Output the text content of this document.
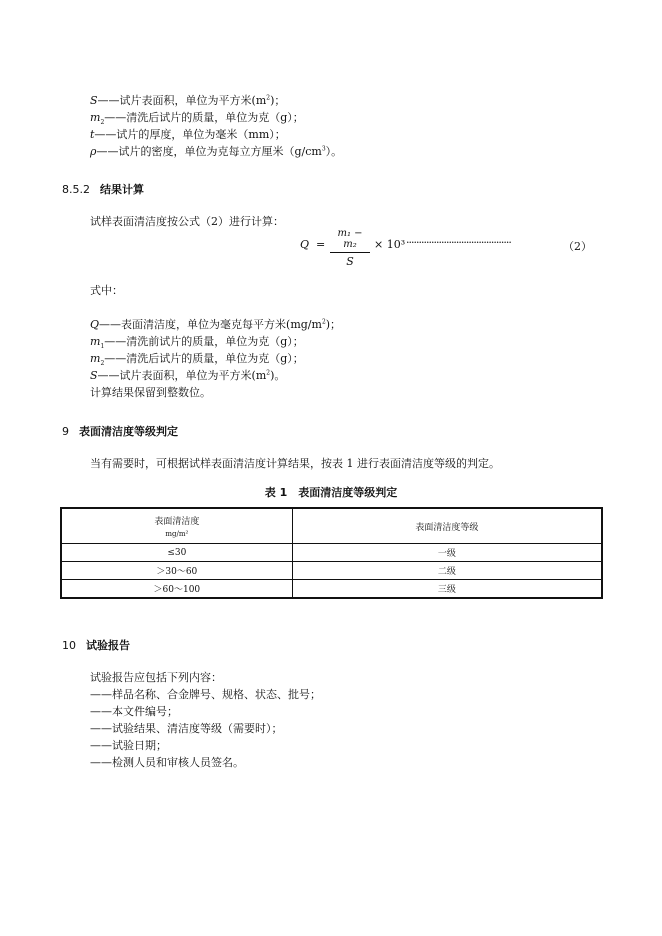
S——试片表面积，单位为平方米$(m^2)$；
$m_2——$清洗后试片的质量，单位为克（g）；
t——试片的厚度，单位为毫米（mm）；
ρ——试片的密度，单位为克每立方厘米$(g/cm^3)$。
8.5.2 结果计算
试样表面清洁度按公式（2）进行计算：
Q =
m₁ − m₂
S
× 10³ ··········································	（2）
式中：
Q——表面清洁度，单位为毫克每平方米$(mg/m^2)$；
$m_1——$清洗前试片的质量，单位为克（g）；
$m_2——$清洗后试片的质量，单位为克（g）；
S——试片表面积，单位为平方米$(m^2)$。
计算结果保留到整数位。
9 表面清洁度等级判定
当有需要时，可根据试样表面清洁度计算结果，按表 1 进行表面清洁度等级的判定。
表 1　表面清洁度等级判定
表面清洁度
mg/m²	表面清洁度等级
≤30	一级
＞30～60	二级
＞60～100	三级
10 试验报告
试验报告应包括下列内容：
——样品名称、合金牌号、规格、状态、批号；
——本文件编号；
——试验结果、清洁度等级（需要时）；
——试验日期；
——检测人员和审核人员签名。
